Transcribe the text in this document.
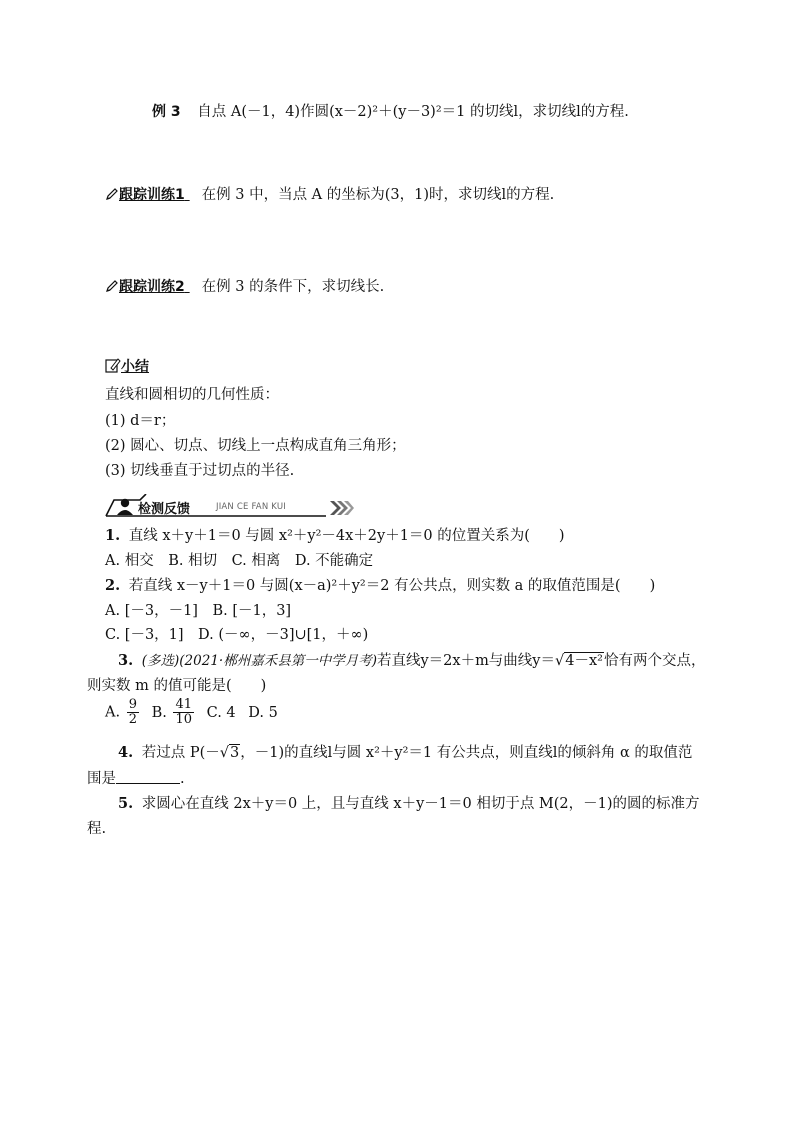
例 3 自点 A(－1，4)作圆(x－2)²＋(y－3)²＝1 的切线l，求切线l的方程.
跟踪训练1 在例 3 中，当点 A 的坐标为(3，1)时，求切线l的方程.
跟踪训练2 在例 3 的条件下，求切线长.
小结
直线和圆相切的几何性质：
(1) d＝r；
(2) 圆心、切点、切线上一点构成直角三角形；
(3) 切线垂直于过切点的半径.
检测反馈	JIAN CE FAN KUI
1. 直线 x＋y＋1＝0 与圆 x²＋y²－4x＋2y＋1＝0 的位置关系为(　　)
A. 相交　B. 相切　C. 相离　D. 不能确定
2. 若直线 x－y＋1＝0 与圆(x－a)²＋y²＝2 有公共点，则实数 a 的取值范围是(　　)
A. [－3，－1]　B. [－1，3]
C. [－3，1]　D. (－∞，－3]∪[1，＋∞)
3. (多选)(2021·郴州嘉禾县第一中学月考)若直线y＝2x＋m与曲线y＝√4－x²恰有两个交点，
则实数 m 的值可能是(　　)
A. $\frac{9}{2} B$. $\frac{41}{10} C$. 4 D. 5
4. 若过点 P(－√3，－1)的直线l与圆 x²＋y²＝1 有公共点，则直线l的倾斜角 α 的取值范
围是	.
5. 求圆心在直线 2x＋y＝0 上，且与直线 x＋y－1＝0 相切于点 M(2，－1)的圆的标准方
程.
